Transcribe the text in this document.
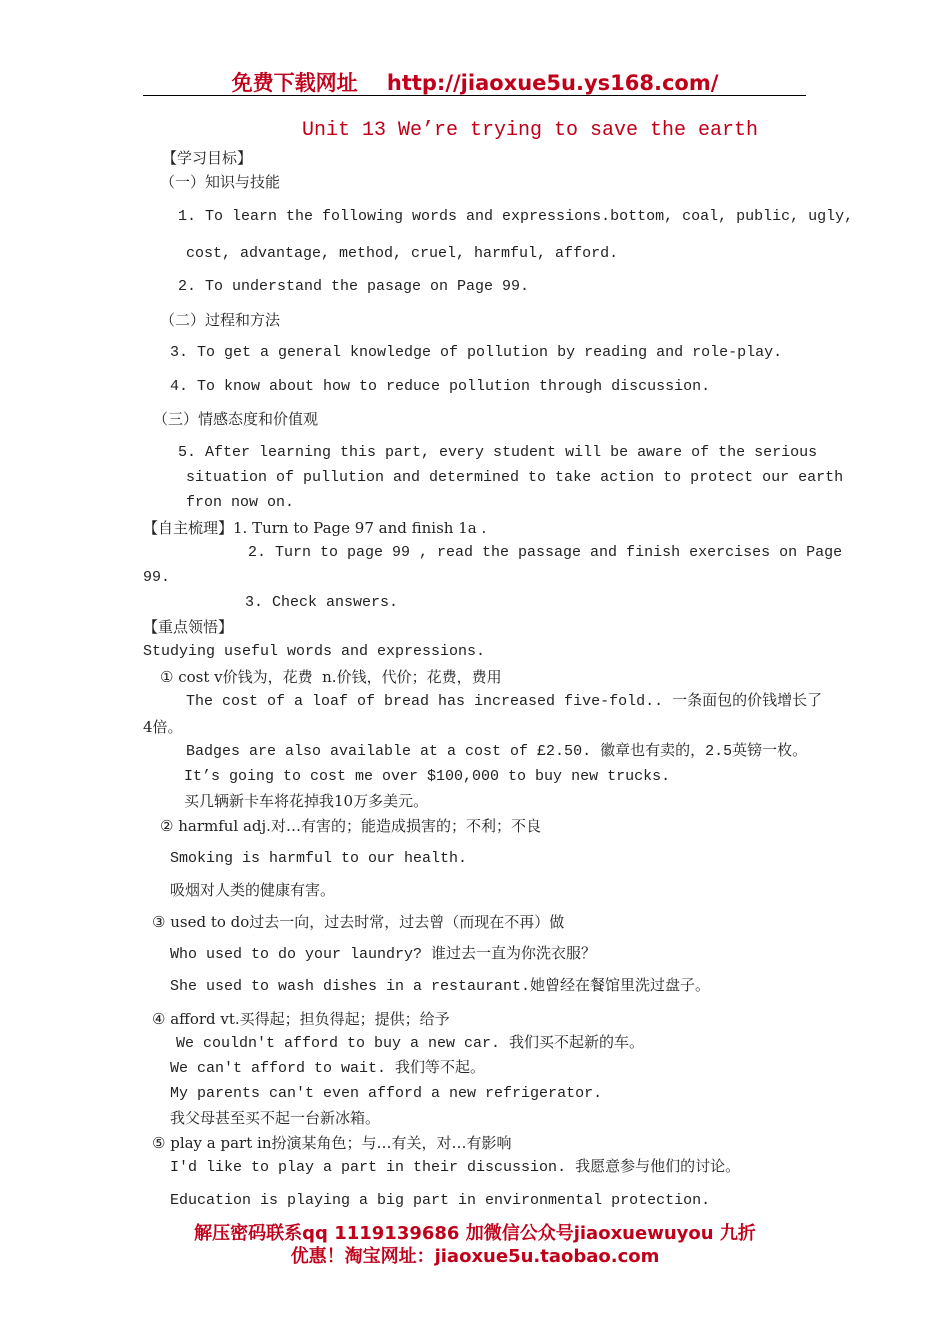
免费下载网址 http://jiaoxue5u.ys168.com/
Unit 13 We’re trying to save the earth
【学习目标】
（一）知识与技能
1. To learn the following words and expressions.bottom, coal, public, ugly,
cost, advantage, method, cruel, harmful, afford.
2. To understand the pasage on Page 99.
（二）过程和方法
3. To get a general knowledge of pollution by reading and role-play.
4. To know about how to reduce pollution through discussion.
（三）情感态度和价值观
5. After learning this part, every student will be aware of the serious
situation of pullution and determined to take action to protect our earth
fron now on.
【自主梳理】1. Turn to Page 97 and finish 1a .
2. Turn to page 99 , read the passage and finish exercises on Page
99.
3. Check answers.
【重点领悟】
Studying useful words and expressions.
① cost v价钱为，花费  n.价钱，代价；花费，费用
The cost of a loaf of bread has increased five-fold.. 一条面包的价钱增长了
4倍。
Badges are also available at a cost of £2.50. 徽章也有卖的，2.5英镑一枚。
It’s going to cost me over $100,000 to buy new trucks.
买几辆新卡车将花掉我10万多美元。
② harmful adj.对…有害的；能造成损害的；不利；不良
Smoking is harmful to our health.
吸烟对人类的健康有害。
③ used to do过去一向，过去时常，过去曾（而现在不再）做
Who used to do your laundry? 谁过去一直为你洗衣服？
She used to wash dishes in a restaurant.她曾经在餐馆里洗过盘子。
④ afford vt.买得起；担负得起；提供；给予
We couldn't afford to buy a new car. 我们买不起新的车。
We can't afford to wait. 我们等不起。
My parents can't even afford a new refrigerator.
我父母甚至买不起一台新冰箱。
⑤ play a part in扮演某角色；与…有关，对…有影响
I'd like to play a part in their discussion. 我愿意参与他们的讨论。
Education is playing a big part in environmental protection.
解压密码联系qq 1119139686 加微信公众号jiaoxuewuyou 九折
优惠！淘宝网址：jiaoxue5u.taobao.com
